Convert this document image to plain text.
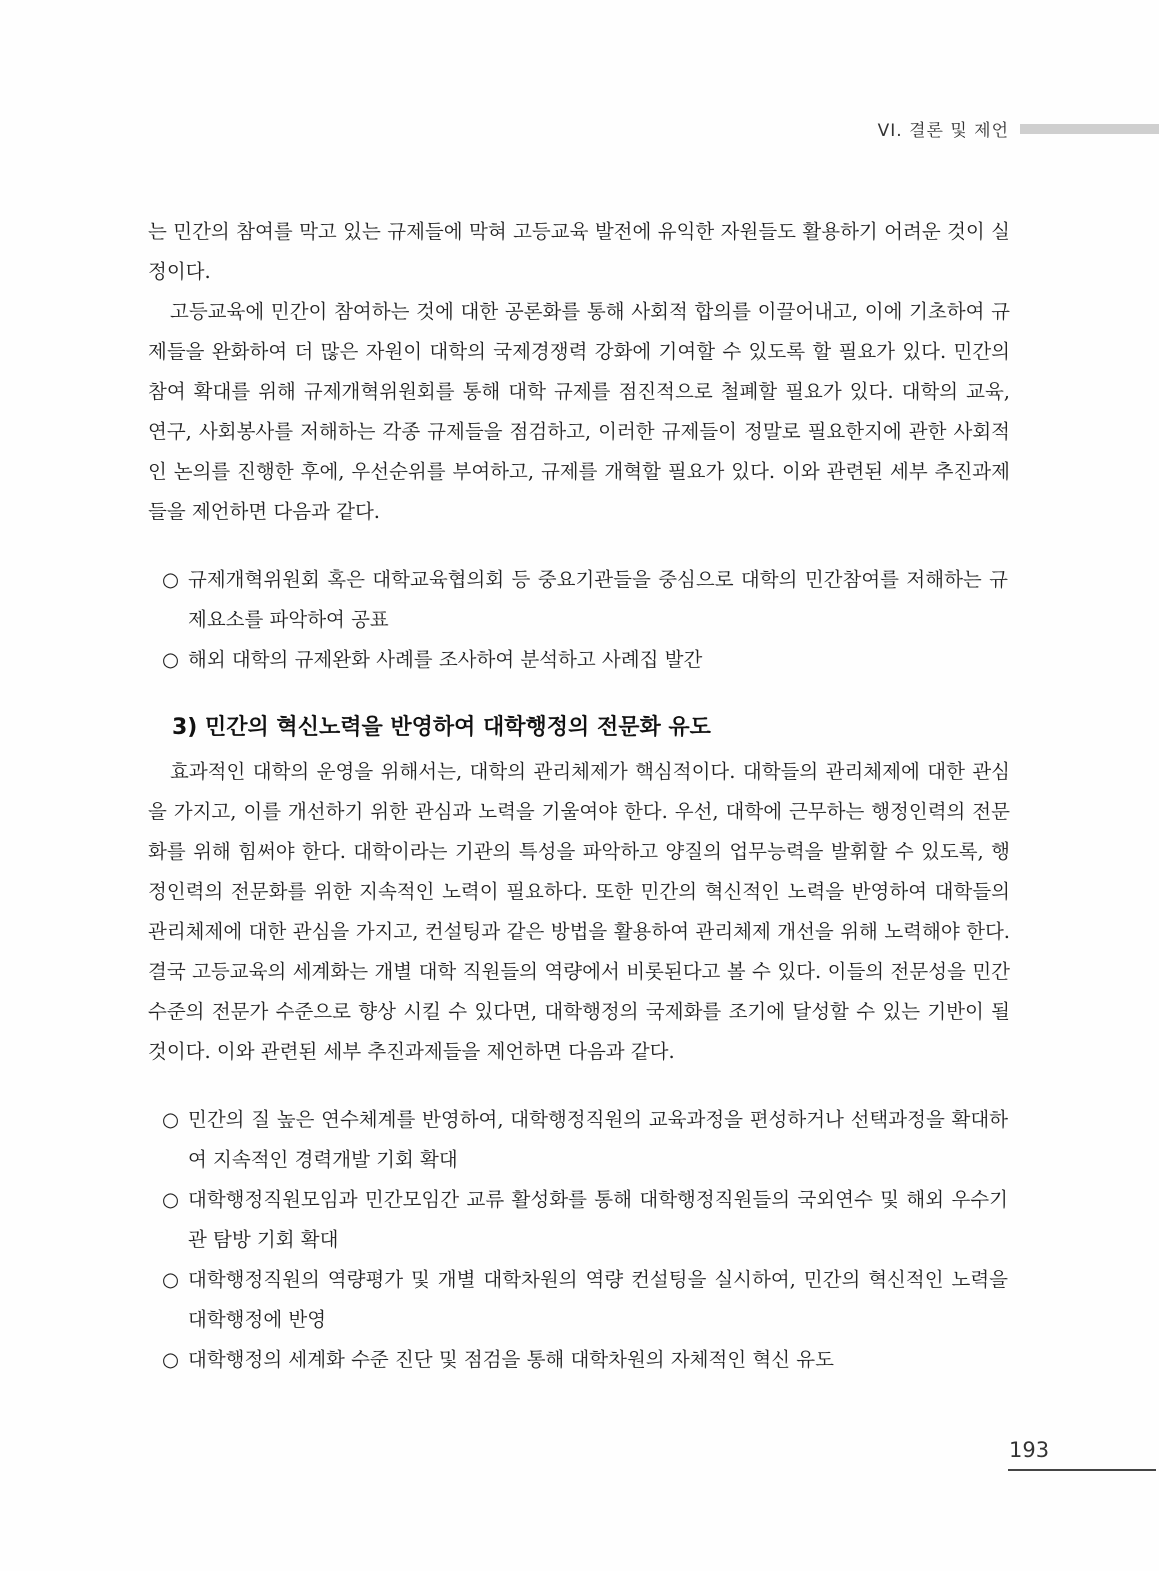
VI. 결론 및 제언

는 민간의 참여를 막고 있는 규제들에 막혀 고등교육 발전에 유익한 자원들도 활용하기 어려운 것이 실정이다.

고등교육에 민간이 참여하는 것에 대한 공론화를 통해 사회적 합의를 이끌어내고, 이에 기초하여 규제들을 완화하여 더 많은 자원이 대학의 국제경쟁력 강화에 기여할 수 있도록 할 필요가 있다. 민간의 참여 확대를 위해 규제개혁위원회를 통해 대학 규제를 점진적으로 철폐할 필요가 있다. 대학의 교육, 연구, 사회봉사를 저해하는 각종 규제들을 점검하고, 이러한 규제들이 정말로 필요한지에 관한 사회적인 논의를 진행한 후에, 우선순위를 부여하고, 규제를 개혁할 필요가 있다. 이와 관련된 세부 추진과제들을 제언하면 다음과 같다.

○ 규제개혁위원회 혹은 대학교육협의회 등 중요기관들을 중심으로 대학의 민간참여를 저해하는 규제요소를 파악하여 공표
○ 해외 대학의 규제완화 사례를 조사하여 분석하고 사례집 발간
3) 민간의 혁신노력을 반영하여 대학행정의 전문화 유도

효과적인 대학의 운영을 위해서는, 대학의 관리체제가 핵심적이다. 대학들의 관리체제에 대한 관심을 가지고, 이를 개선하기 위한 관심과 노력을 기울여야 한다. 우선, 대학에 근무하는 행정인력의 전문화를 위해 힘써야 한다. 대학이라는 기관의 특성을 파악하고 양질의 업무능력을 발휘할 수 있도록, 행정인력의 전문화를 위한 지속적인 노력이 필요하다. 또한 민간의 혁신적인 노력을 반영하여 대학들의 관리체제에 대한 관심을 가지고, 컨설팅과 같은 방법을 활용하여 관리체제 개선을 위해 노력해야 한다. 결국 고등교육의 세계화는 개별 대학 직원들의 역량에서 비롯된다고 볼 수 있다. 이들의 전문성을 민간수준의 전문가 수준으로 향상 시킬 수 있다면, 대학행정의 국제화를 조기에 달성할 수 있는 기반이 될 것이다. 이와 관련된 세부 추진과제들을 제언하면 다음과 같다.

○ 민간의 질 높은 연수체계를 반영하여, 대학행정직원의 교육과정을 편성하거나 선택과정을 확대하여 지속적인 경력개발 기회 확대
○ 대학행정직원모임과 민간모임간 교류 활성화를 통해 대학행정직원들의 국외연수 및 해외 우수기관 탐방 기회 확대
○ 대학행정직원의 역량평가 및 개별 대학차원의 역량 컨설팅을 실시하여, 민간의 혁신적인 노력을 대학행정에 반영
○ 대학행정의 세계화 수준 진단 및 점검을 통해 대학차원의 자체적인 혁신 유도
193
